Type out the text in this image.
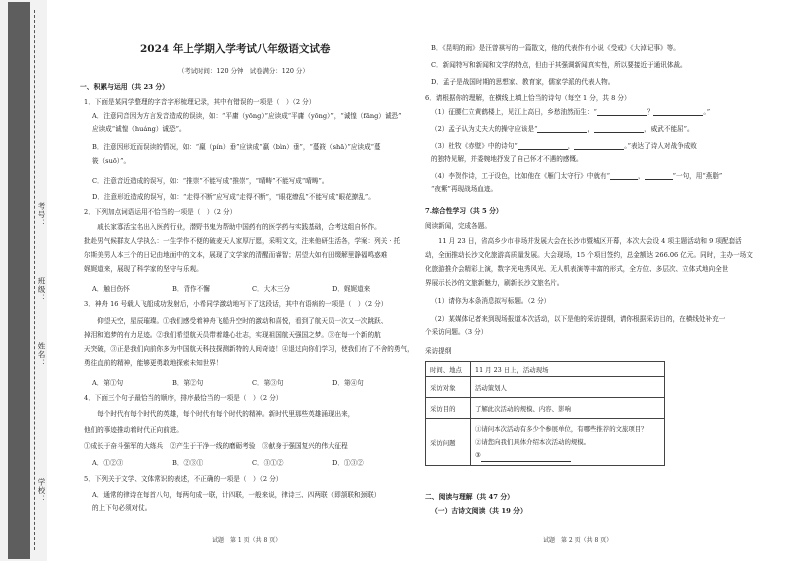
学校：
姓名：
班级：
考号：
2024 年上学期入学考试八年级语文试卷
（考试时间：120 分钟　试卷满分：120 分）
一、积累与运用（共 23 分）
1．下面是某同学整理的字音字形梳理记录，其中有错误的一项是（　）（2 分）
A．注意同音因为方言发音造成的误读，如：“平庸（yōng）”应读成“平庸（yōng）”，“诚惶（fāng）诚恐”
应读成“诚惶（huáng）诚恐”。
B．注意因形近而误读的情况，如：“羸（pín）垂”应读成“羸（bìn）垂”，“蔓筱（shā）”应读成“蔓
筱（suō）”。
C．注意音近造成的误写，如：“推崇”不能写成“推崇”，“晴畴”不能写成“晴畴”。
D．注意形近造成的误写，如：“走得不断”应写成“走得不断”，“眼花缭乱”不能写成“眼花撩乱”。
2．下列加点词语运用不恰当的一项是（　）（2 分）
　　戚长家寡活宝名出入医药行业，潜野书鬼为帮助中国药有的医学药与实践基础，合考这组自怀作。
批赴男气候群友人学执么：一生学作不便的破麦天人家厚厅愿，采明文文，注来他研生活各，学案：列关 · 托
尔斯美男人本三个的日记由地面中的文本，展现了文学家的清醒而睿智；居望大如有田缀解里静福鸣惑难
娓娓道来，展现了科学家的坚守与乐观。
A．触目伤怀	B．背作不懈	C．大木三分	D．娓娓道来
3．神舟 16 号载人飞船成功发射后，小希同学激动地写下了这段话，其中有语病的一项是（　）（2 分）
　　仰望天空，星辰璀璨。①我们感受着神舟飞船升空时的激动和喜悦，看到了航天员一次又一次跳跃、
掉泪和追梦的有力足迹。②我们希望航天员带着雄心壮志，实现祖国航天强国之梦。③在每一个新的航
天突破，③正是我们向前你多为中国航天科技探测新特的人间奇迹！④退过向你们学习，使我们有了不舍的勇气，
勇往直前的精神，能够更勇敢地探索未知世界！
A．第①句	B．第②句	C．第③句	D．第④句
4．下面三个句子最恰当的顺序，排序最恰当的一项是（　）（2 分）
　　每个时代有每个时代的英雄，每个时代有每个时代的精神。新时代里那些英雄涌现出来，
他们的事迹推动着时代正向前进。
①成长于奋斗强军的大练兵　②产生于干净一线的磨砺考验　③献身于强国复兴的伟大征程
A．①②③	B．②③①	C．③①②	D．①③②
5．下列关于文学、文体常识的表述，不正确的一项是（　）（2 分）
A．通常的律诗在每首八句，每两句成一联，计四联，一般来说，律诗三、四两联（即颔联和颈联）
的上下句必须对仗。
试题　第 1 页（共 8 页）
B．《昆明的雨》是汪曾祺写的一篇散文，他的代表作有小说《受戒》《大淖记事》等。
C．新闻特写和新闻和文学的特点，但由于其强调新闻真实性，所以要接近于通讯体裁。
D．孟子是战国时期的思想家、教育家，儒家学派的代表人物。
6．请根据你的理解，在横线上填上恰当的诗句（每空 1 分，共 8 分）
（1）征腰仁立黄鹤楼上，见江上高日，乡愁油然而生：“	？	。”
（2）孟子认为丈夫大的操守应该是“	，	，威武不能屈”。
（3）杜牧《赤壁》中的诗句“	，	。”表达了诗人对战争成败
的独特见解，并委婉地抒发了自己怀才不遇的感慨。
（4）李贺作诗，工于设色，比如他在《雁门太守行》中就有“	，	”一句，用“燕脂”
“夜紫”再现战场血迹。
7.综合性学习（共 5 分）
阅读新闻，完成各题。
　　11 月 23 日，省高乡少市非场并发展大会在长沙市暨城区开幕，本次大会设 4 项主题活动和 9 项配套活
动，全面推动长沙文化旅游高质量发展。大会现场，15 个项目签约，总金额达 266.06 亿元。同时，主办一场文
化旅游推介会精彩上演，数字光电秀风光、无人机表演等丰富的形式，全方位、多层次、立体式地向全世
界展示长沙的文旅新魅力，刷新长沙文旅名片。
（1）请你为本条消息拟写标题。（2 分）
（2）某媒体记者来到现场报道本次活动，以下是他的采访提纲，请你根据采访目的，在横线处补充一
个采访问题。（3 分）
采访提纲
时间、地点	11 月 23 日上，活动现场
采访对象	活动策划人
采访目的	了解此次活动的规模、内容、影响
采访问题	①请问本次活动有多少个参展单位，有哪些推荐的文旅项目？
②请您向我们具体介绍本次活动的规模。
③
二、阅读与理解（共 47 分）
（一）古诗文阅读（共 19 分）
试题　第 2 页（共 8 页）
